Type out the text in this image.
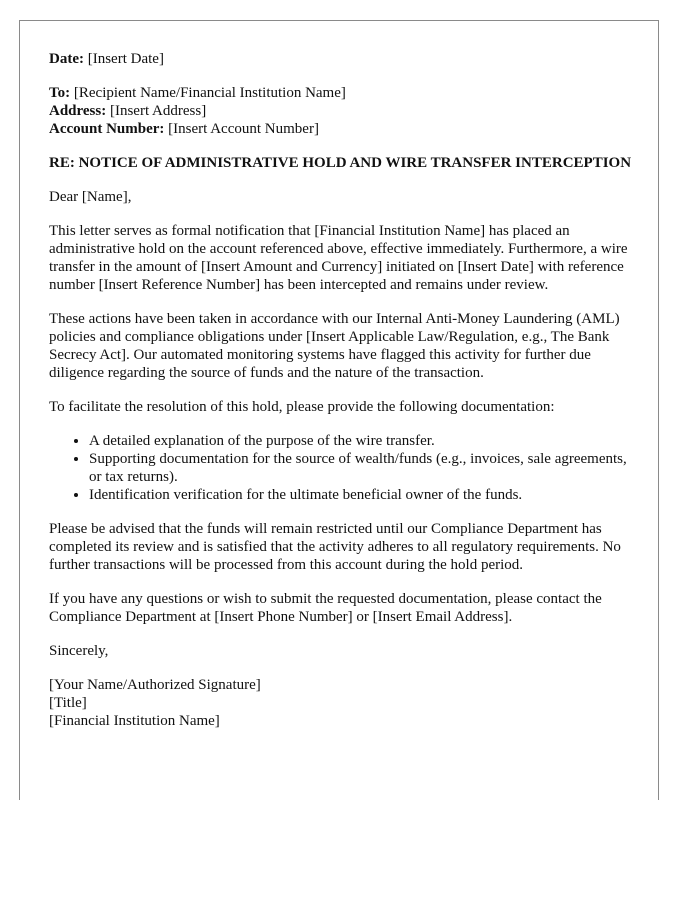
Date: [Insert Date]
To: [Recipient Name/Financial Institution Name]
Address: [Insert Address]
Account Number: [Insert Account Number]
RE: NOTICE OF ADMINISTRATIVE HOLD AND WIRE TRANSFER INTERCEPTION

Dear [Name],

This letter serves as formal notification that [Financial Institution Name] has placed an administrative hold on the account referenced above, effective immediately. Furthermore, a wire transfer in the amount of [Insert Amount and Currency] initiated on [Insert Date] with reference number [Insert Reference Number] has been intercepted and remains under review.

These actions have been taken in accordance with our Internal Anti-Money Laundering (AML) policies and compliance obligations under [Insert Applicable Law/Regulation, e.g., The Bank Secrecy Act]. Our automated monitoring systems have flagged this activity for further due diligence regarding the source of funds and the nature of the transaction.

To facilitate the resolution of this hold, please provide the following documentation:

• A detailed explanation of the purpose of the wire transfer.
• Supporting documentation for the source of wealth/funds (e.g., invoices, sale agreements, or tax returns).
• Identification verification for the ultimate beneficial owner of the funds.

Please be advised that the funds will remain restricted until our Compliance Department has completed its review and is satisfied that the activity adheres to all regulatory requirements. No further transactions will be processed from this account during the hold period.

If you have any questions or wish to submit the requested documentation, please contact the Compliance Department at [Insert Phone Number] or [Insert Email Address].

Sincerely,

[Your Name/Authorized Signature]
[Title]
[Financial Institution Name]
